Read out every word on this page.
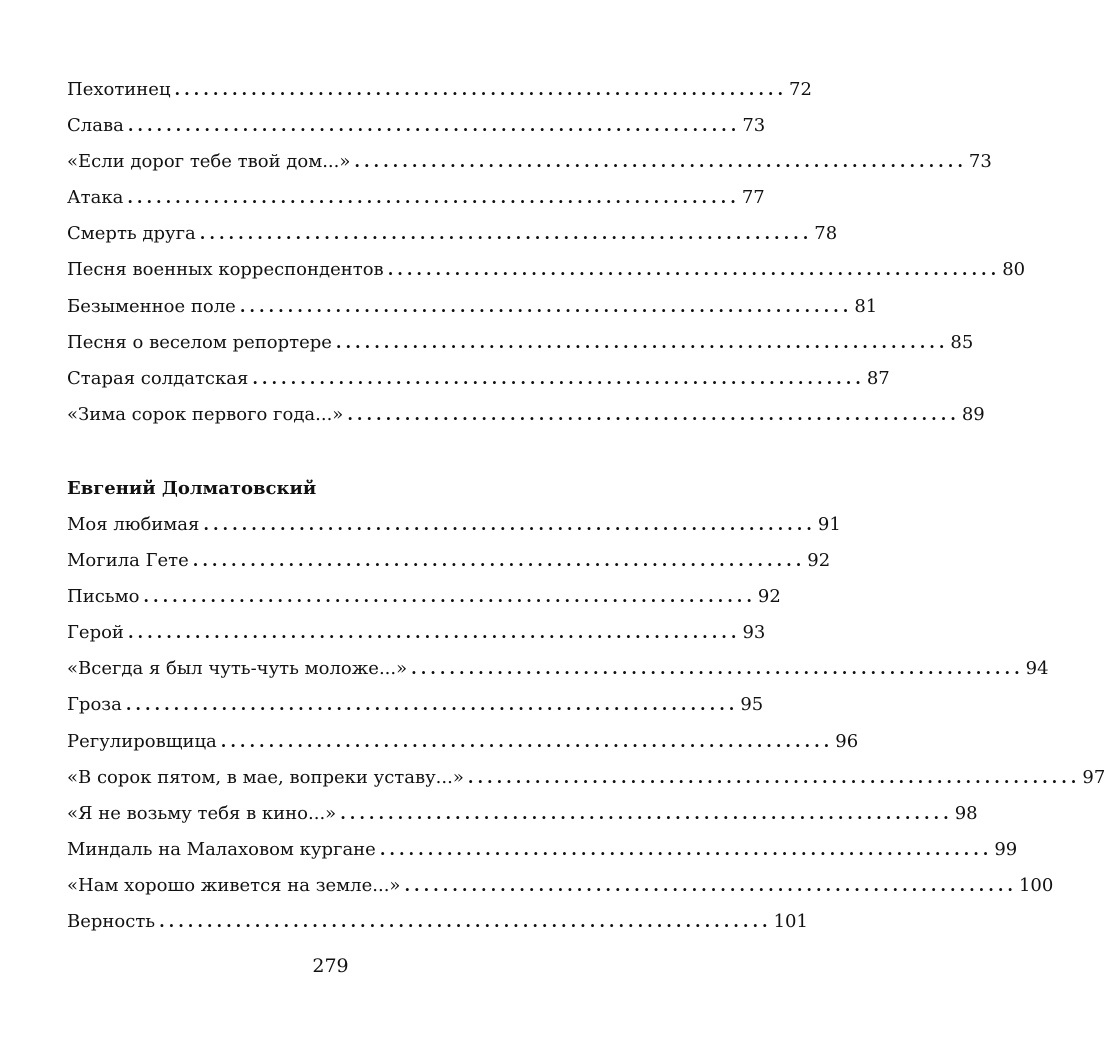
Пехотинец ................................................................ 72
Слава ................................................................ 73
«Если дорог тебе твой дом...» ................................................................ 73
Атака ................................................................ 77
Смерть друга ................................................................ 78
Песня военных корреспондентов ................................................................ 80
Безыменное поле ................................................................ 81
Песня о веселом репортере ................................................................ 85
Старая солдатская ................................................................ 87
«Зима сорок первого года...» ................................................................ 89
Евгений Долматовский
Моя любимая ................................................................ 91
Могила Гете ................................................................ 92
Письмо ................................................................ 92
Герой ................................................................ 93
«Всегда я был чуть-чуть моложе...» ................................................................ 94
Гроза ................................................................ 95
Регулировщица ................................................................ 96
«В сорок пятом, в мае, вопреки уставу...» ................................................................ 97
«Я не возьму тебя в кино...» ................................................................ 98
Миндаль на Малаховом кургане ................................................................ 99
«Нам хорошо живется на земле...» ................................................................ 100
Верность ................................................................ 101
279
